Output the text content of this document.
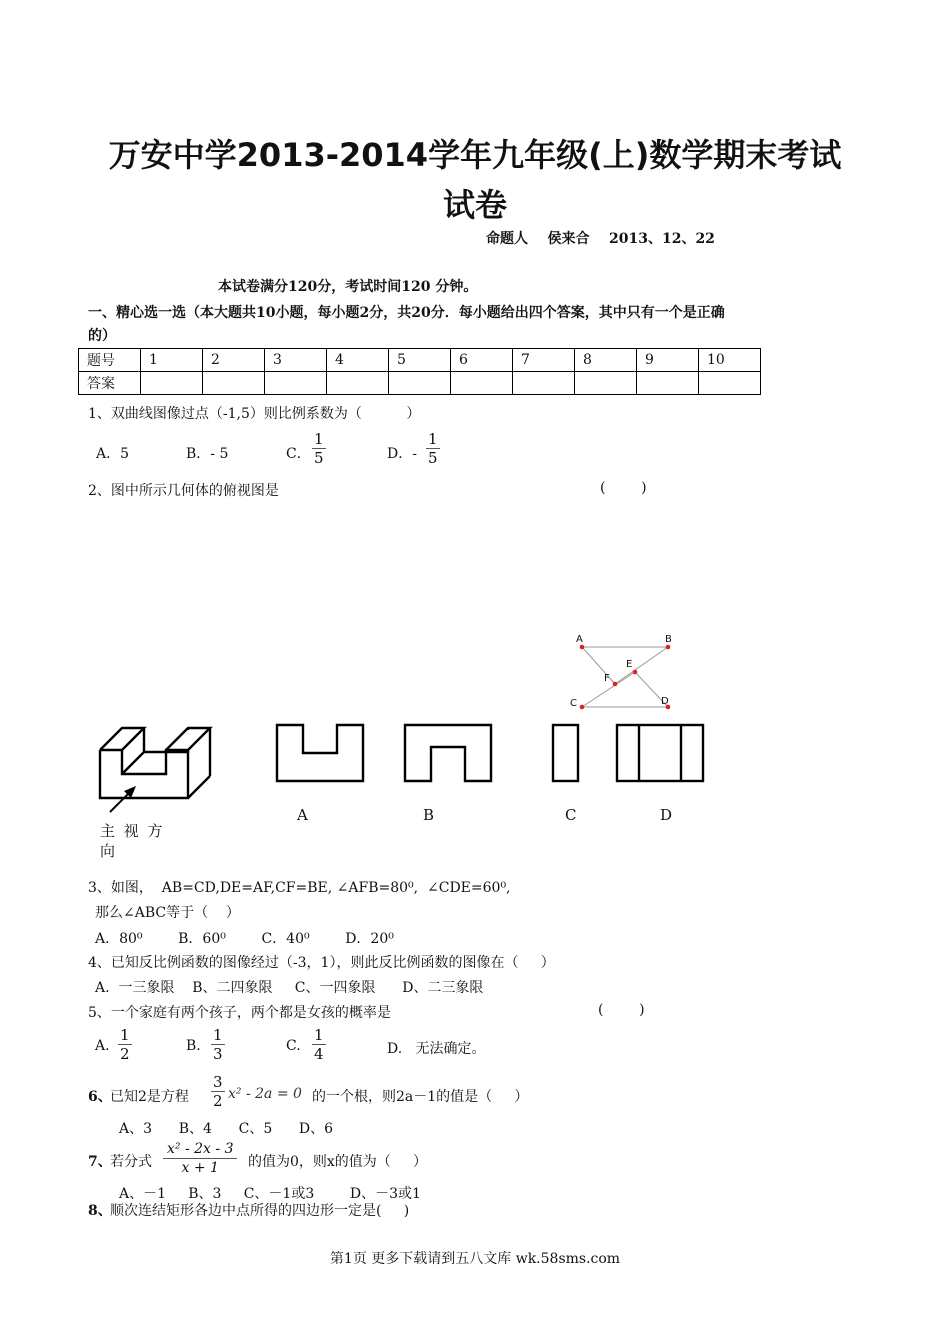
万安中学2013-2014学年九年级(上)数学期末考试
试卷
命题人    侯来合    2013、12、22
本试卷满分120分，考试时间120 分钟。
一、精心选一选（本大题共10小题，每小题2分，共20分．每小题给出四个答案，其中只有一个是正确
的）
题号	1	2	3	4	5	6	7	8	9	10
答案										
1、双曲线图像过点（-1,5）则比例系数为（          ）
A．5	B．- 5	C． $\frac{1}{5}$	D．- $\frac{1}{5}$
2、图中所示几何体的俯视图是	(        )
A	B
E
F
C	D
主 视 方
向
A	B	C	D
3、如图，  AB=CD,DE=AF,CF=BE, ∠AFB=80⁰,  ∠CDE=60⁰,
那么∠ABC等于（    ）
A．80⁰        B．60⁰        C．40⁰        D．20⁰
4、已知反比例函数的图像经过（-3，1），则此反比例函数的图像在（     ）
A.  一三象限    B、二四象限     C、一四象限      D、二三象限
5、一个家庭有两个孩子，两个都是女孩的概率是	(        )
A. $\frac{1}{2}$	B. $\frac{1}{3}$	C. $\frac{1}{4}$	D.   无法确定。
6、
已知2是方程 $\frac{3}{2} x^2 - 2a = 0$ 的一个根，则2a－1的值是（     ）
A、3      B、4      C、5      D、6
7、
若分式 $\frac{\text{x² - 2x - 3}}{x + 1}$ 的值为0，则x的值为（     ）
A、－1     B、3     C、－1或3        D、－3或1
8、
顺次连结矩形各边中点所得的四边形一定是(     )
第1页 更多下载请到五八文库 wk.58sms.com
